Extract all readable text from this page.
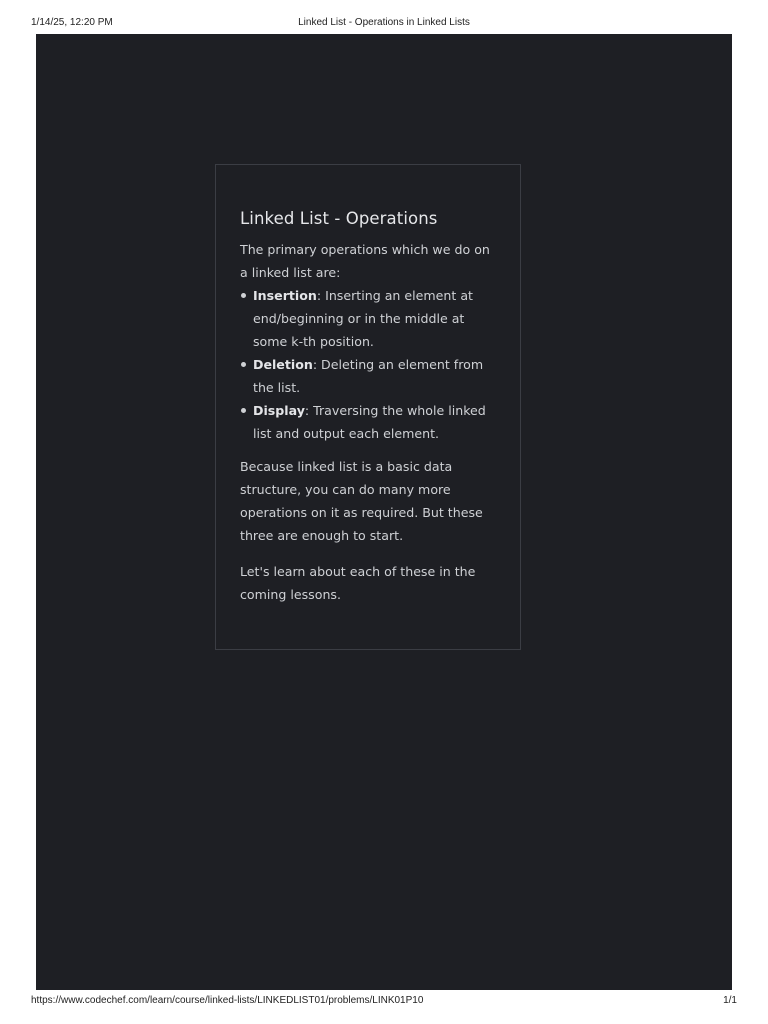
1/14/25, 12:20 PM	Linked List - Operations in Linked Lists
Linked List - Operations

The primary operations which we do on a linked list are:

Insertion: Inserting an element at end/beginning or in the middle at some k-th position.
Deletion: Deleting an element from the list.
Display: Traversing the whole linked list and output each element.

Because linked list is a basic data structure, you can do many more operations on it as required. But these three are enough to start.

Let's learn about each of these in the coming lessons.

https://www.codechef.com/learn/course/linked-lists/LINKEDLIST01/problems/LINK01P10	1/1
